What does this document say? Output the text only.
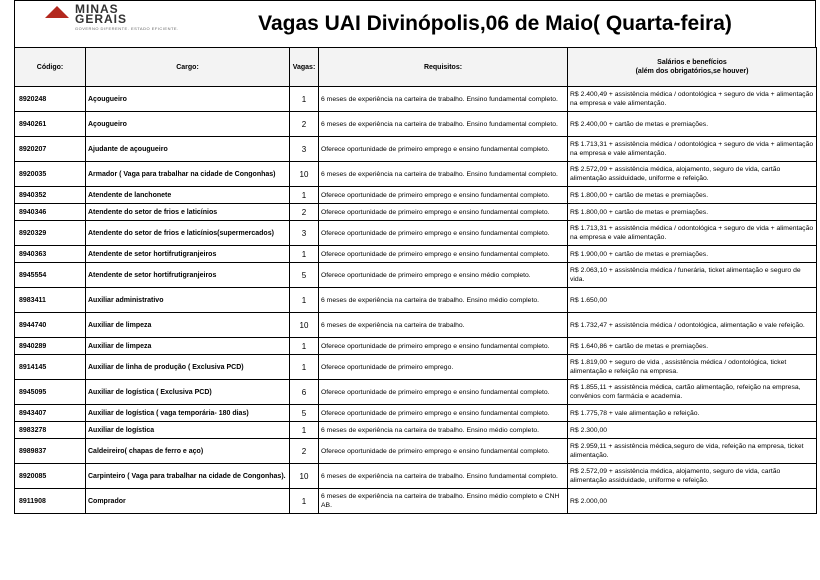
MINAS
GERAIS
GOVERNO DIFERENTE. ESTADO EFICIENTE.	Vagas UAI Divinópolis,06 de Maio( Quarta-feira)
Código:	Cargo:	Vagas:	Requisitos:	Salários e benefícios
(além dos obrigatórios,se houver)

8920248	Açougueiro	1	6 meses de experiência na carteira de trabalho. Ensino fundamental completo.	R$ 2.400,49 + assistência médica / odontológica + seguro de vida + alimentação na empresa e vale alimentação.
8940261	Açougueiro	2	6 meses de experiência na carteira de trabalho. Ensino fundamental completo.	R$ 2.400,00 + cartão de metas e premiações.
8920207	Ajudante de açougueiro	3	Oferece oportunidade de primeiro emprego e ensino fundamental completo.	R$ 1.713,31 + assistência médica / odontológica + seguro de vida + alimentação na empresa e vale alimentação.
8920035	Armador ( Vaga para trabalhar na cidade de Congonhas)	10	6 meses de experiência na carteira de trabalho. Ensino fundamental completo.	R$ 2.572,09 + assistência médica, alojamento, seguro de vida, cartão alimentação assiduidade, uniforme e refeição.
8940352	Atendente de lanchonete	1	Oferece oportunidade de primeiro emprego e ensino fundamental completo.	R$ 1.800,00 + cartão de metas e premiações.
8940346	Atendente do setor de frios e laticínios	2	Oferece oportunidade de primeiro emprego e ensino fundamental completo.	R$ 1.800,00 + cartão de metas e premiações.
8920329	Atendente do setor de frios e laticínios(supermercados)	3	Oferece oportunidade de primeiro emprego e ensino fundamental completo.	R$ 1.713,31 + assistência médica / odontológica + seguro de vida + alimentação na empresa e vale alimentação.
8940363	Atendente de setor hortifrutigranjeiros	1	Oferece oportunidade de primeiro emprego e ensino fundamental completo.	R$ 1.900,00 + cartão de metas e premiações.
8945554	Atendente de setor hortifrutigranjeiros	5	Oferece oportunidade de primeiro emprego e ensino médio completo.	R$ 2.063,10 + assistência médica / funerária, ticket alimentação e seguro de vida.
8983411	Auxiliar administrativo	1	6 meses de experiência na carteira de trabalho. Ensino médio completo.	R$ 1.650,00
8944740	Auxiliar de limpeza	10	6 meses de experiência na carteira de trabalho.	R$ 1.732,47 + assistência médica / odontológica, alimentação e vale refeição.
8940289	Auxiliar de limpeza	1	Oferece oportunidade de primeiro emprego e ensino fundamental completo.	R$ 1.640,86 + cartão de metas e premiações.
8914145	Auxiliar de linha de produção ( Exclusiva PCD)	1	Oferece oportunidade de primeiro emprego.	R$ 1.819,00 + seguro de vida , assistência médica / odontológica, ticket alimentação e refeição na empresa.
8945095	Auxiliar de logística ( Exclusiva PCD)	6	Oferece oportunidade de primeiro emprego e ensino fundamental completo.	R$ 1.855,11 + assistência médica, cartão alimentação, refeição na empresa, convênios com farmácia e academia.
8943407	Auxiliar de logística ( vaga temporária- 180 dias)	5	Oferece oportunidade de primeiro emprego e ensino fundamental completo.	R$ 1.775,78 + vale alimentação e refeição.
8983278	Auxiliar de logística	1	6 meses de experiência na carteira de trabalho. Ensino médio completo.	R$ 2.300,00
8989837	Caldeireiro( chapas de ferro e aço)	2	Oferece oportunidade de primeiro emprego e ensino fundamental completo.	R$ 2.959,11 + assistência médica,seguro de vida, refeição na empresa, ticket alimentação.
8920085	Carpinteiro ( Vaga para trabalhar na cidade de Congonhas).	10	6 meses de experiência na carteira de trabalho. Ensino fundamental completo.	R$ 2.572,09 + assistência médica, alojamento, seguro de vida, cartão alimentação assiduidade, uniforme e refeição.
8911908	Comprador	1	6 meses de experiência na carteira de trabalho. Ensino médio completo e CNH AB.	R$ 2.000,00
